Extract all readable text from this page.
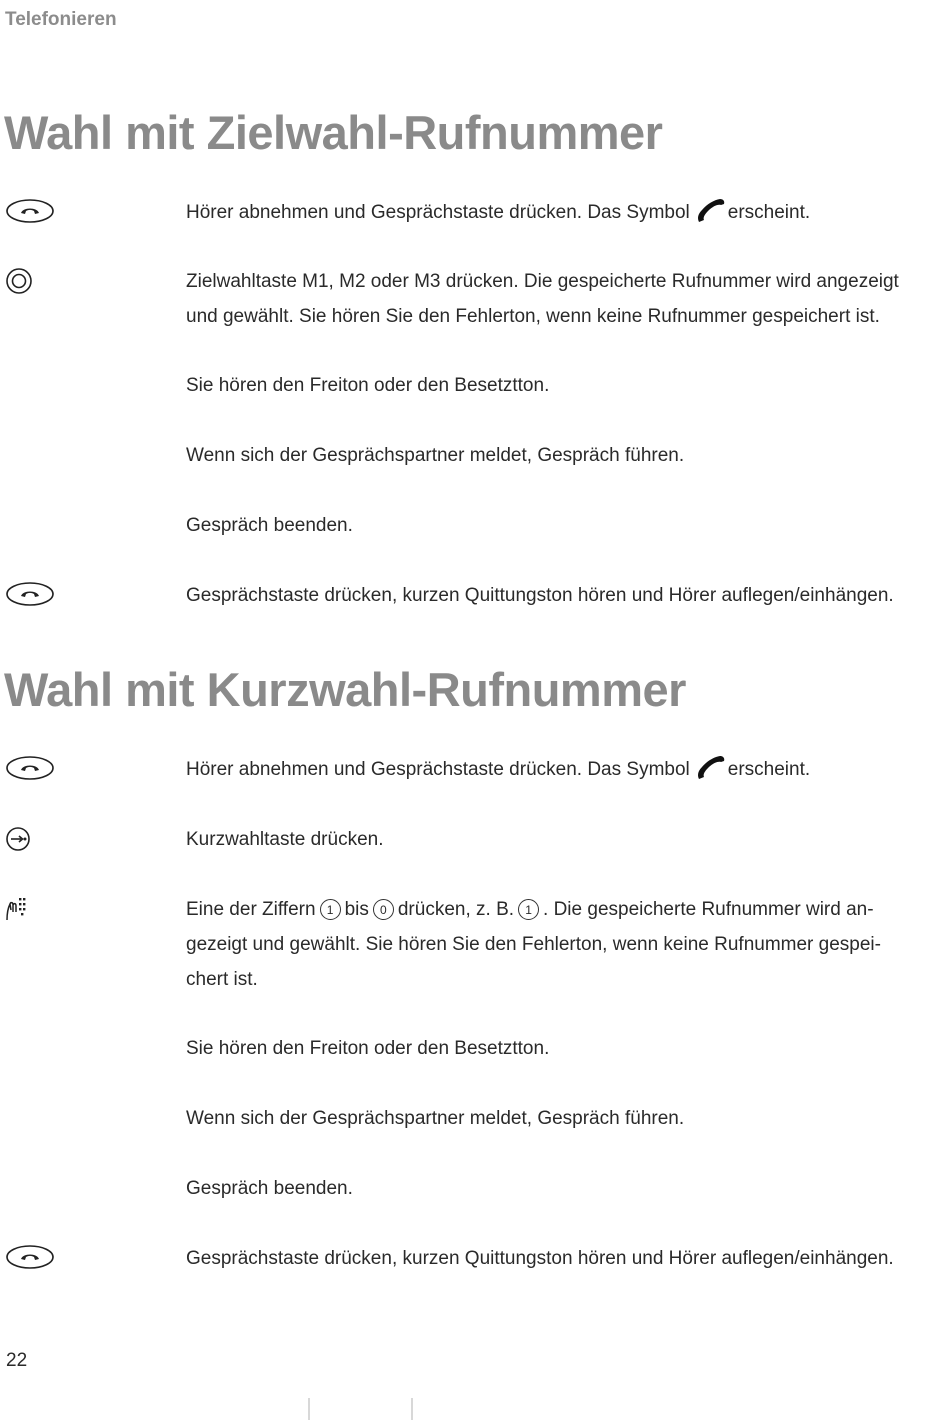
Telefonieren
Wahl mit Zielwahl-Rufnummer
Hörer abnehmen und Gesprächstaste drücken. Das Symbol erscheint.
Zielwahltaste M1, M2 oder M3 drücken. Die gespeicherte Rufnummer wird angezeigt
und gewählt. Sie hören Sie den Fehlerton, wenn keine Rufnummer gespeichert ist.
Sie hören den Freiton oder den Besetztton.
Wenn sich der Gesprächspartner meldet, Gespräch führen.
Gespräch beenden.
Gesprächstaste drücken, kurzen Quittungston hören und Hörer auflegen/einhängen.
Wahl mit Kurzwahl-Rufnummer
Hörer abnehmen und Gesprächstaste drücken. Das Symbol erscheint.
Kurzwahltaste drücken.
Eine der Ziffern 1 bis 0 drücken, z. B. 1 . Die gespeicherte Rufnummer wird an-
gezeigt und gewählt. Sie hören Sie den Fehlerton, wenn keine Rufnummer gespei-
chert ist.
Sie hören den Freiton oder den Besetztton.
Wenn sich der Gesprächspartner meldet, Gespräch führen.
Gespräch beenden.
Gesprächstaste drücken, kurzen Quittungston hören und Hörer auflegen/einhängen.
22
